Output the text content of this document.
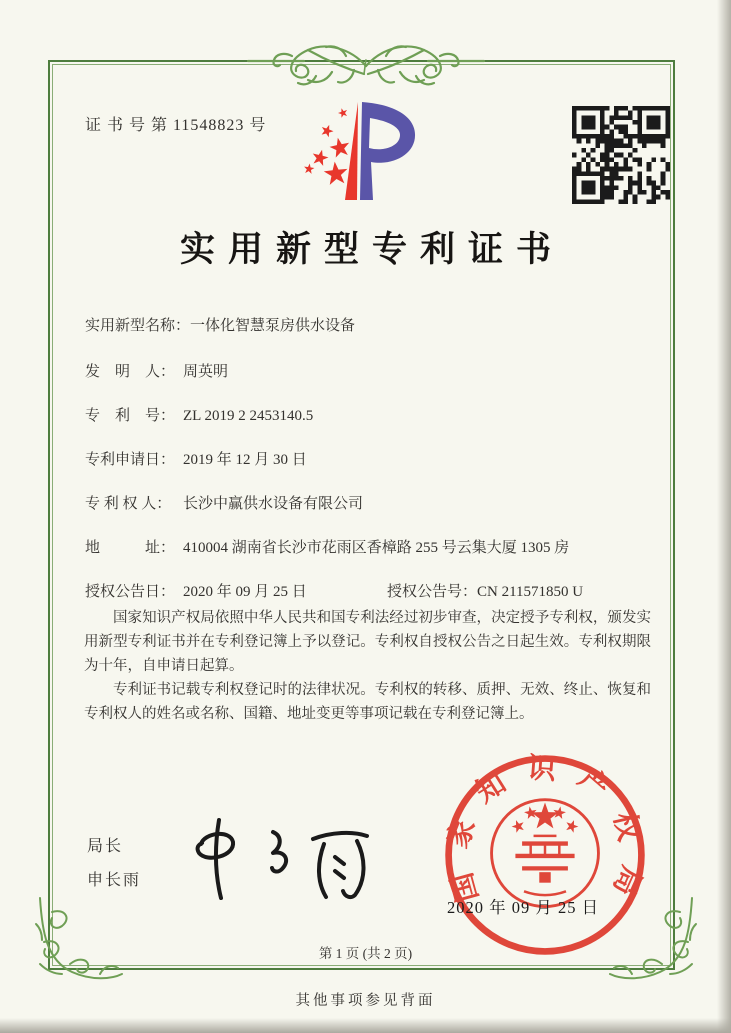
证 书 号 第 11548823 号
实用新型专利证书
实用新型名称：一体化智慧泵房供水设备
发　明　人： 周英明
专　利　号： ZL 2019 2 2453140.5
专利申请日： 2019 年 12 月 30 日
专 利 权 人： 长沙中赢供水设备有限公司
地　　　址： 410004 湖南省长沙市花雨区香樟路 255 号云集大厦 1305 房
授权公告日： 2020 年 09 月 25 日	授权公告号：CN 211571850 U

国家知识产权局依照中华人民共和国专利法经过初步审查，决定授予专利权，颁发实用新型专利证书并在专利登记簿上予以登记。专利权自授权公告之日起生效。专利权期限为十年，自申请日起算。

专利证书记载专利权登记时的法律状况。专利权的转移、质押、无效、终止、恢复和专利权人的姓名或名称、国籍、地址变更等事项记载在专利登记簿上。

局长
申长雨	国家知识产权局
2020 年 09 月 25 日
第 1 页 (共 2 页)
其他事项参见背面
